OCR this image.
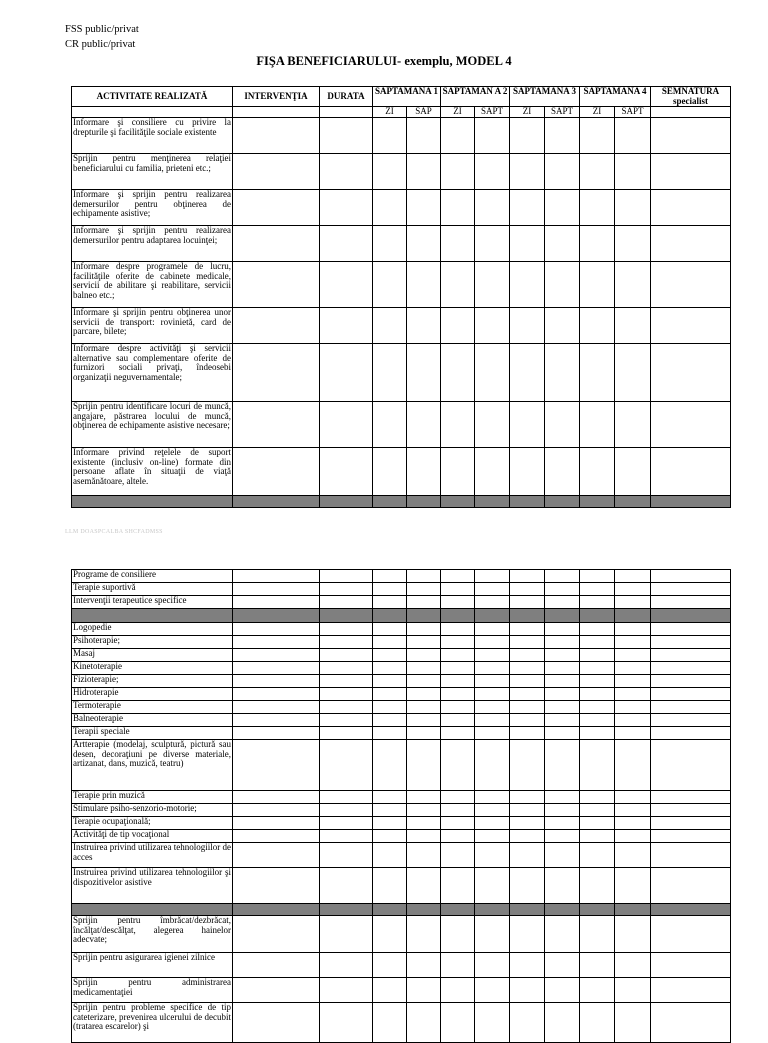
FSS public/privat
CR public/privat
FIŞA BENEFICIARULUI- exemplu, MODEL 4
ACTIVITATE REALIZATĂ	INTERVENŢIA	DURATA	SAPTAMANA 1		SAPTAMAN A 2		SAPTAMANA 3		SAPTAMANA 4		SEMNATURA
specialist

			ZI	SAP	ZI	SAPT	ZI	SAPT	ZI	SAPT	
Informare şi consiliere cu privire la drepturile şi facilităţile sociale existente											
Sprijin pentru menţinerea relaţiei beneficiarului cu familia, prieteni etc.;											
Informare şi sprijin pentru realizarea demersurilor pentru obţinerea de echipamente asistive;											
Informare şi sprijin pentru realizarea demersurilor pentru adaptarea locuinţei;											
Informare despre programele de lucru, facilităţile oferite de cabinete medicale, servicii de abilitare şi reabilitare, servicii balneo etc.;											
Informare şi sprijin pentru obţinerea unor servicii de transport: rovinietă, card de parcare, bilete;											
Informare despre activităţi şi servicii alternative sau complementare oferite de furnizori sociali privaţi, îndeosebi organizaţii neguvernamentale;											
Sprijin pentru identificare locuri de muncă, angajare, păstrarea locului de muncă, obţinerea de echipamente asistive necesare;											
Informare privind reţelele de suport existente (inclusiv on-line) formate din persoane aflate în situaţii de viaţă asemănătoare, altele.											

LLM DOASPCALBA SHCFADMSS
Programe de consiliere											
Terapie suportivă											
Intervenţii terapeutice specifice											

Logopedie											
Psihoterapie;											
Masaj											
Kinetoterapie											
Fizioterapie;											
Hidroterapie											
Termoterapie											
Balneoterapie											
Terapii speciale											
Artterapie (modelaj, sculptură, pictură sau desen, decoraţiuni pe diverse materiale, artizanat, dans, muzică, teatru)											
Terapie prin muzică											
Stimulare psiho-senzorio-motorie;											
Terapie ocupaţională;											
Activităţi de tip vocaţional											
Instruirea privind utilizarea tehnologiilor de acces											
Instruirea privind utilizarea tehnologiilor şi dispozitivelor asistive											

Sprijin pentru îmbrăcat/dezbrăcat, încălţat/descălţat, alegerea hainelor adecvate;											
Sprijin pentru asigurarea igienei zilnice											
Sprijin pentru administrarea medicamentaţiei											
Sprijin pentru probleme specifice de tip cateterizare, prevenirea ulcerului de decubit (tratarea escarelor) şi											
